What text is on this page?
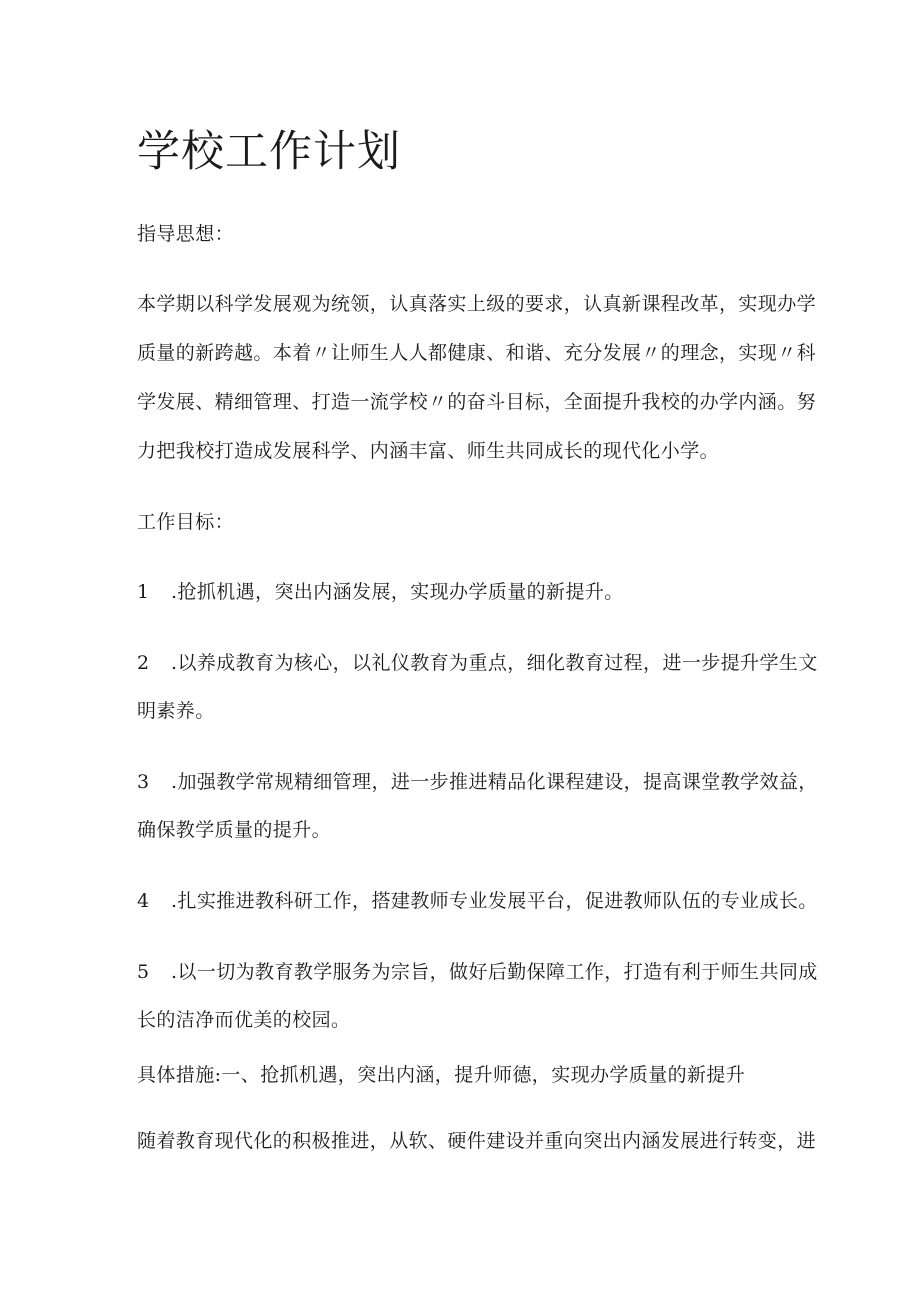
学校工作计划
指导思想：
本学期以科学发展观为统领，认真落实上级的要求，认真新课程改革，实现办学
质量的新跨越。本着〃让师生人人都健康、和谐、充分发展〃的理念，实现〃科
学发展、精细管理、打造一流学校〃的奋斗目标，全面提升我校的办学内涵。努
力把我校打造成发展科学、内涵丰富、师生共同成长的现代化小学。
工作目标：
1 .抢抓机遇，突出内涵发展，实现办学质量的新提升。
2 .以养成教育为核心，以礼仪教育为重点，细化教育过程，进一步提升学生文
明素养。
3 .加强教学常规精细管理，进一步推进精品化课程建设，提高课堂教学效益，
确保教学质量的提升。
4 .扎实推进教科研工作，搭建教师专业发展平台，促进教师队伍的专业成长。
5 .以一切为教育教学服务为宗旨，做好后勤保障工作，打造有利于师生共同成
长的洁净而优美的校园。
具体措施:一、抢抓机遇，突出内涵，提升师德，实现办学质量的新提升
随着教育现代化的积极推进，从软、硬件建设并重向突出内涵发展进行转变，进
